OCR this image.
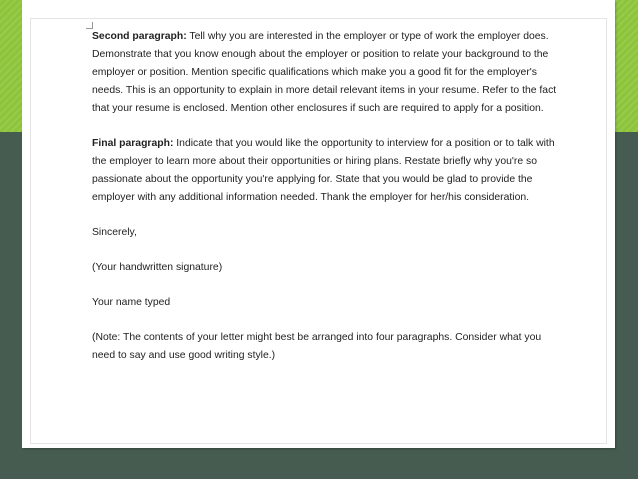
Second paragraph: Tell why you are interested in the employer or type of work the employer does. Demonstrate that you know enough about the employer or position to relate your background to the employer or position. Mention specific qualifications which make you a good fit for the employer's needs. This is an opportunity to explain in more detail relevant items in your resume. Refer to the fact that your resume is enclosed. Mention other enclosures if such are required to apply for a position.

Final paragraph: Indicate that you would like the opportunity to interview for a position or to talk with the employer to learn more about their opportunities or hiring plans. Restate briefly why you're so passionate about the opportunity you're applying for. State that you would be glad to provide the employer with any additional information needed. Thank the employer for her/his consideration.

Sincerely,

(Your handwritten signature)

Your name typed

(Note: The contents of your letter might best be arranged into four paragraphs. Consider what you need to say and use good writing style.)
